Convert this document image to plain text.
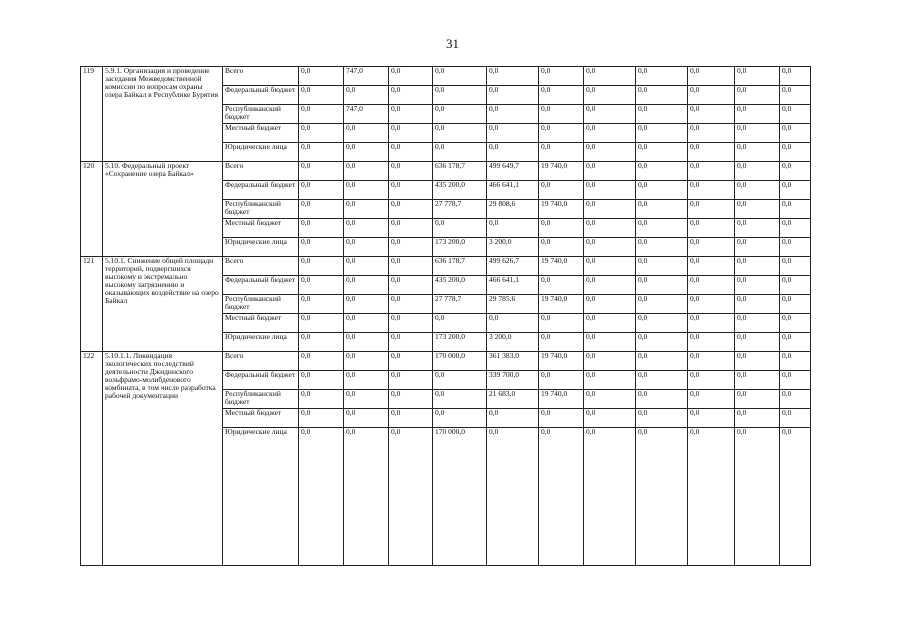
31
119	5.9.1. Организация и проведение заседания Межведомственной комиссии по вопросам охраны озера Байкал в Республике Бурятия	Всего	0,0	747,0	0,0	0,0	0,0	0,0	0,0	0,0	0,0	0,0	0,0
		Федеральный бюджет	0,0	0,0	0,0	0,0	0,0	0,0	0,0	0,0	0,0	0,0	0,0
		Республиканский бюджет	0,0	747,0	0,0	0,0	0,0	0,0	0,0	0,0	0,0	0,0	0,0
		Местный бюджет	0,0	0,0	0,0	0,0	0,0	0,0	0,0	0,0	0,0	0,0	0,0
		Юридические лица	0,0	0,0	0,0	0,0	0,0	0,0	0,0	0,0	0,0	0,0	0,0
120	5.10. Федеральный проект «Сохранение озера Байкал»	Всего	0,0	0,0	0,0	636 178,7	499 649,7	19 740,0	0,0	0,0	0,0	0,0	0,0
		Федеральный бюджет	0,0	0,0	0,0	435 200,0	466 641,1	0,0	0,0	0,0	0,0	0,0	0,0
		Республиканский бюджет	0,0	0,0	0,0	27 778,7	29 808,6	19 740,0	0,0	0,0	0,0	0,0	0,0
		Местный бюджет	0,0	0,0	0,0	0,0	0,0	0,0	0,0	0,0	0,0	0,0	0,0
		Юридические лица	0,0	0,0	0,0	173 200,0	3 200,0	0,0	0,0	0,0	0,0	0,0	0,0
121	5.10.1. Снижение общей площади территорий, подвергшихся высокому и экстремально высокому загрязнению и оказывающих воздействие на озеро Байкал	Всего	0,0	0,0	0,0	636 178,7	499 626,7	19 740,0	0,0	0,0	0,0	0,0	0,0
		Федеральный бюджет	0,0	0,0	0,0	435 200,0	466 641,1	0,0	0,0	0,0	0,0	0,0	0,0
		Республиканский бюджет	0,0	0,0	0,0	27 778,7	29 785,6	19 740,0	0,0	0,0	0,0	0,0	0,0
		Местный бюджет	0,0	0,0	0,0	0,0	0,0	0,0	0,0	0,0	0,0	0,0	0,0
		Юридические лица	0,0	0,0	0,0	173 200,0	3 200,0	0,0	0,0	0,0	0,0	0,0	0,0
122	5.10.1.1. Ликвидация экологических последствий деятельности Джидинского вольфрамо-молибденового комбината, в том числе разработка рабочей документации	Всего	0,0	0,0	0,0	170 000,0	361 383,0	19 740,0	0,0	0,0	0,0	0,0	0,0
		Федеральный бюджет	0,0	0,0	0,0	0,0	339 700,0	0,0	0,0	0,0	0,0	0,0	0,0
		Республиканский бюджет	0,0	0,0	0,0	0,0	21 683,0	19 740,0	0,0	0,0	0,0	0,0	0,0
		Местный бюджет	0,0	0,0	0,0	0,0	0,0	0,0	0,0	0,0	0,0	0,0	0,0
		Юридические лица	0,0	0,0	0,0	170 000,0	0,0	0,0	0,0	0,0	0,0	0,0	0,0
